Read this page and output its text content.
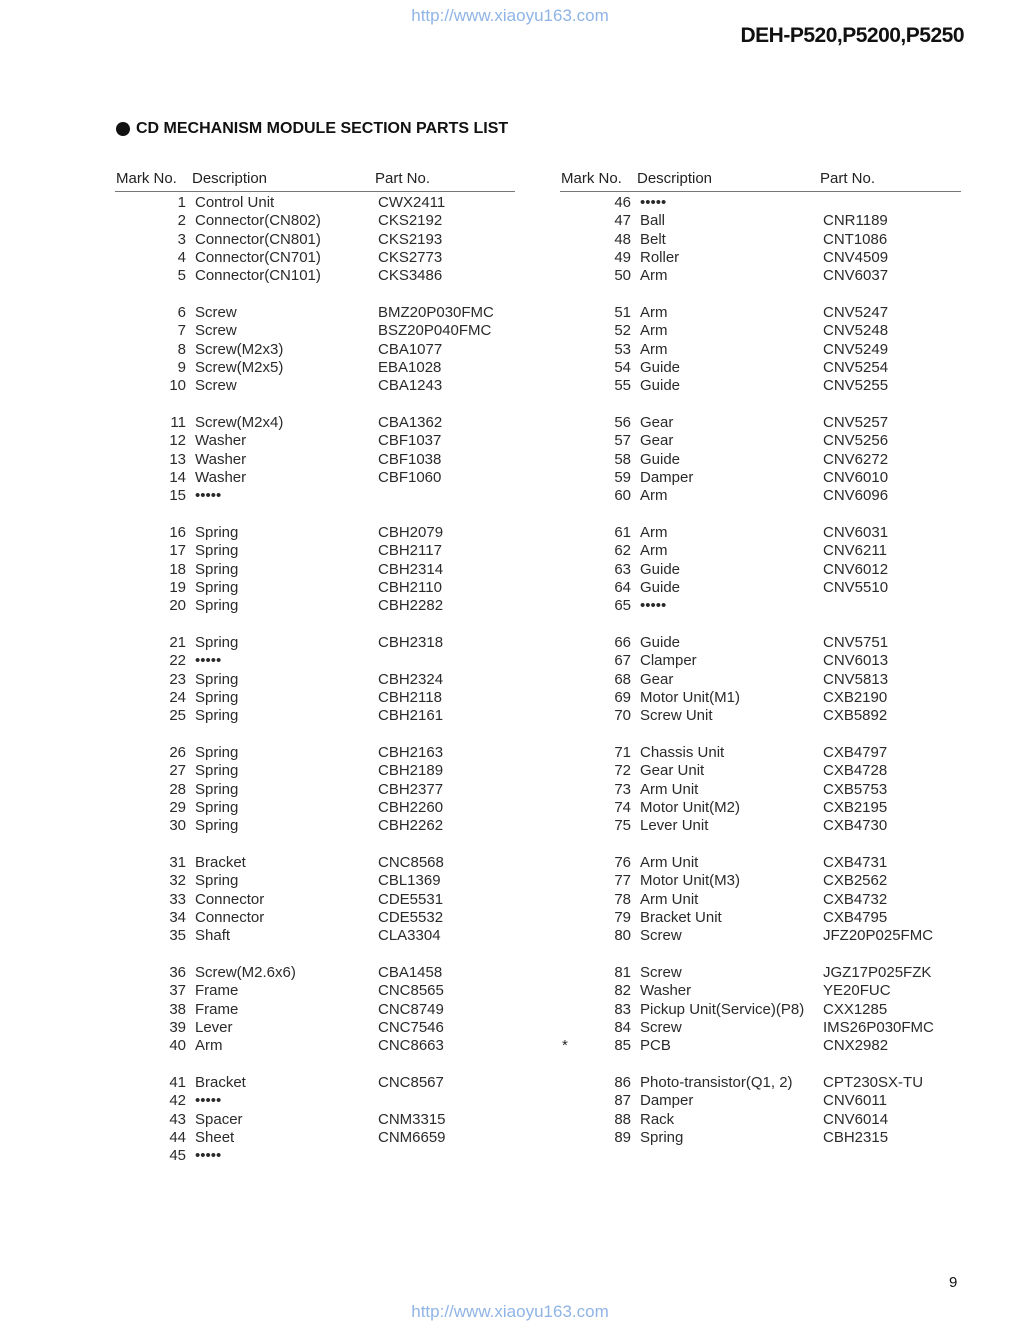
http://www.xiaoyu163.com
DEH-P520,P5200,P5250
CD MECHANISM MODULE SECTION PARTS LIST
Mark No. Description	Part No.	Mark No. Description	Part No.
1 Control Unit	CWX2411
2 Connector(CN802)	CKS2192
3 Connector(CN801)	CKS2193
4 Connector(CN701)	CKS2773
5 Connector(CN101)	CKS3486
6 Screw	BMZ20P030FMC
7 Screw	BSZ20P040FMC
8 Screw(M2x3)	CBA1077
9 Screw(M2x5)	EBA1028
10 Screw	CBA1243
11 Screw(M2x4)	CBA1362
12 Washer	CBF1037
13 Washer	CBF1038
14 Washer	CBF1060
15 •••••
16 Spring	CBH2079
17 Spring	CBH2117
18 Spring	CBH2314
19 Spring	CBH2110
20 Spring	CBH2282
21 Spring	CBH2318
22 •••••
23 Spring	CBH2324
24 Spring	CBH2118
25 Spring	CBH2161
26 Spring	CBH2163
27 Spring	CBH2189
28 Spring	CBH2377
29 Spring	CBH2260
30 Spring	CBH2262
31 Bracket	CNC8568
32 Spring	CBL1369
33 Connector	CDE5531
34 Connector	CDE5532
35 Shaft	CLA3304
36 Screw(M2.6x6)	CBA1458
37 Frame	CNC8565
38 Frame	CNC8749
39 Lever	CNC7546
40 Arm	CNC8663
41 Bracket	CNC8567
42 •••••
43 Spacer	CNM3315
44 Sheet	CNM6659
45 •••••
46 •••••
47 Ball	CNR1189
48 Belt	CNT1086
49 Roller	CNV4509
50 Arm	CNV6037
51 Arm	CNV5247
52 Arm	CNV5248
53 Arm	CNV5249
54 Guide	CNV5254
55 Guide	CNV5255
56 Gear	CNV5257
57 Gear	CNV5256
58 Guide	CNV6272
59 Damper	CNV6010
60 Arm	CNV6096
61 Arm	CNV6031
62 Arm	CNV6211
63 Guide	CNV6012
64 Guide	CNV5510
65 •••••
66 Guide	CNV5751
67 Clamper	CNV6013
68 Gear	CNV5813
69 Motor Unit(M1)	CXB2190
70 Screw Unit	CXB5892
71 Chassis Unit	CXB4797
72 Gear Unit	CXB4728
73 Arm Unit	CXB5753
74 Motor Unit(M2)	CXB2195
75 Lever Unit	CXB4730
76 Arm Unit	CXB4731
77 Motor Unit(M3)	CXB2562
78 Arm Unit	CXB4732
79 Bracket Unit	CXB4795
80 Screw	JFZ20P025FMC
81 Screw	JGZ17P025FZK
82 Washer	YE20FUC
83 Pickup Unit(Service)(P8) CXX1285
84 Screw	IMS26P030FMC
*	85 PCB	CNX2982
86 Photo-transistor(Q1, 2) CPT230SX-TU
87 Damper	CNV6011
88 Rack	CNV6014
89 Spring	CBH2315
9
http://www.xiaoyu163.com
